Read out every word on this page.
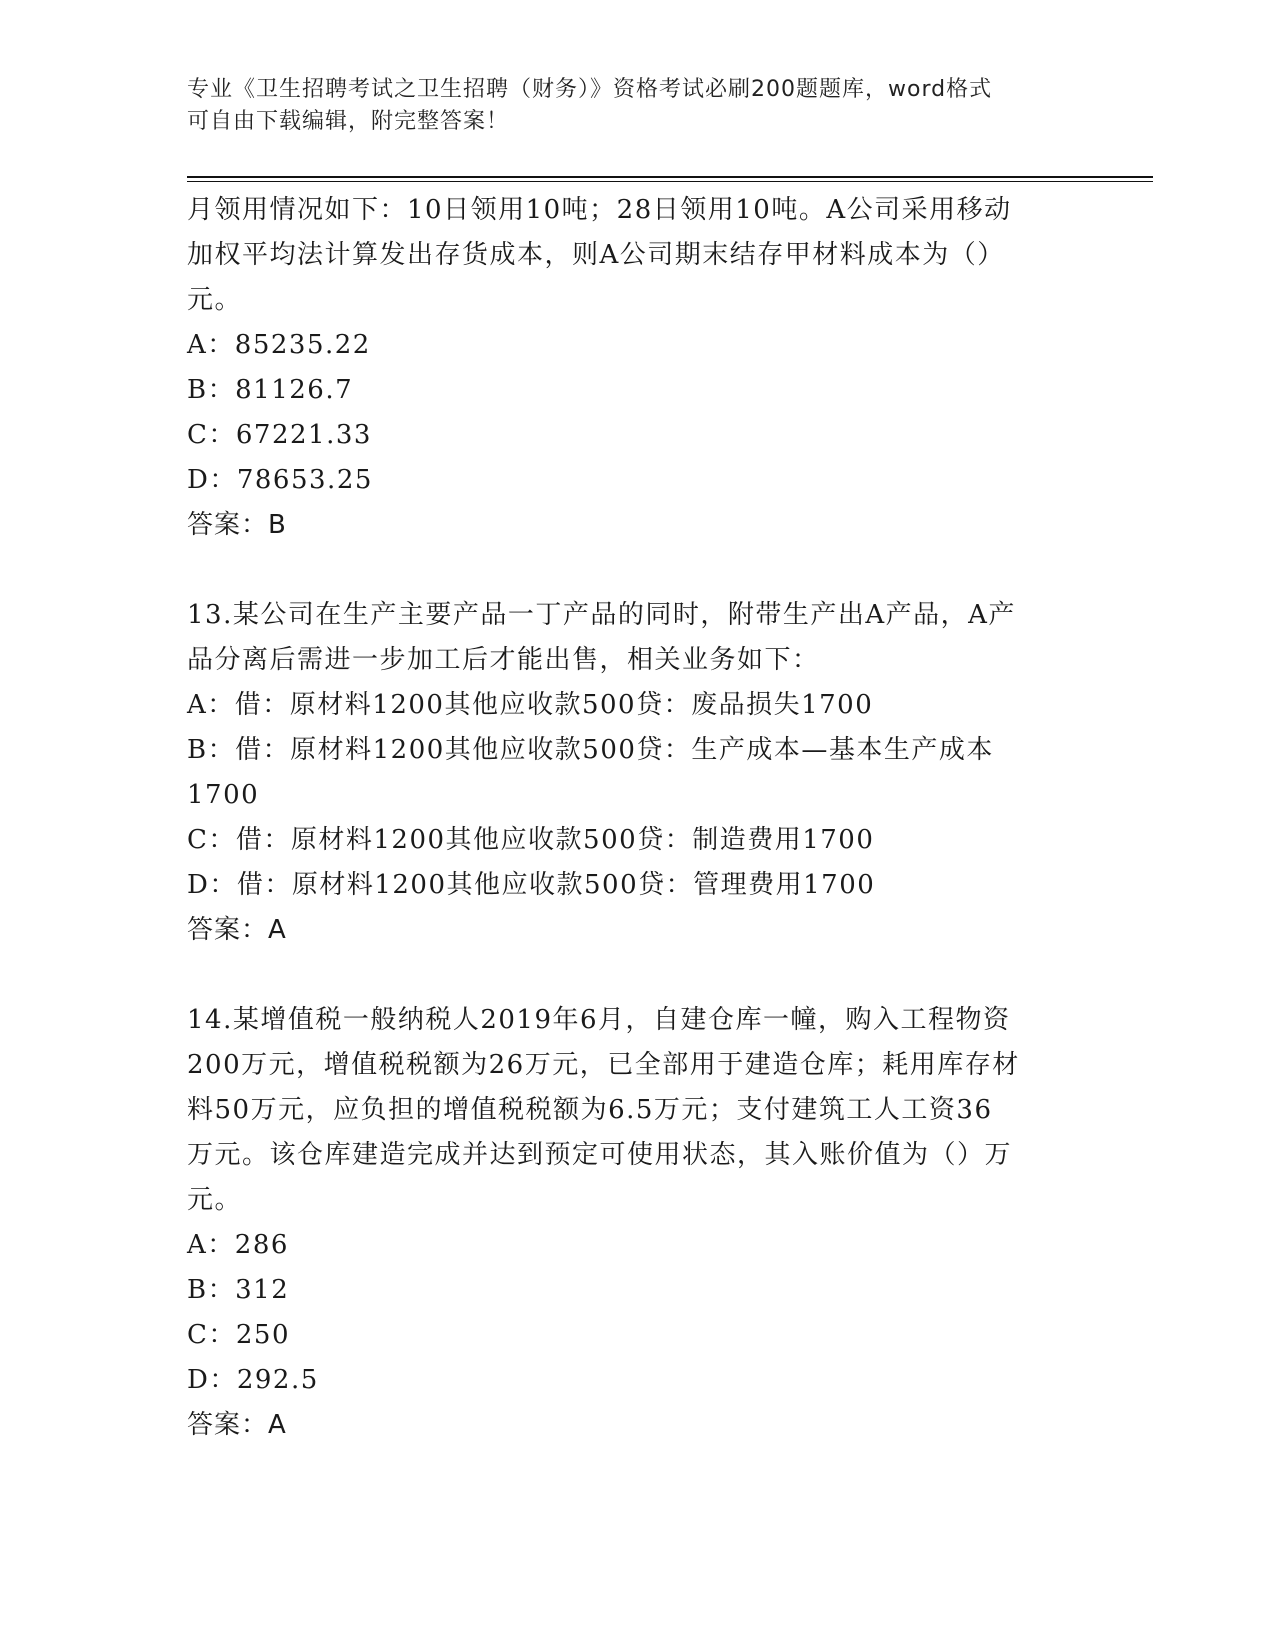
专业《卫生招聘考试之卫生招聘（财务）》资格考试必刷200题题库，word格式
可自由下载编辑，附完整答案！

月领用情况如下：10日领用10吨；28日领用10吨。A公司采用移动

加权平均法计算发出存货成本，则A公司期末结存甲材料成本为（）

元。

A：85235.22

B：81126.7

C：67221.33

D：78653.25

答案：B

13.某公司在生产主要产品一丁产品的同时，附带生产出A产品，A产

品分离后需进一步加工后才能出售，相关业务如下：

A：借：原材料1200其他应收款500贷：废品损失1700

B：借：原材料1200其他应收款500贷：生产成本—基本生产成本

1700

C：借：原材料1200其他应收款500贷：制造费用1700

D：借：原材料1200其他应收款500贷：管理费用1700

答案：A

14.某增值税一般纳税人2019年6月，自建仓库一幢，购入工程物资

200万元，增值税税额为26万元，已全部用于建造仓库；耗用库存材

料50万元，应负担的增值税税额为6.5万元；支付建筑工人工资36

万元。该仓库建造完成并达到预定可使用状态，其入账价值为（）万

元。

A：286

B：312

C：250

D：292.5

答案：A
